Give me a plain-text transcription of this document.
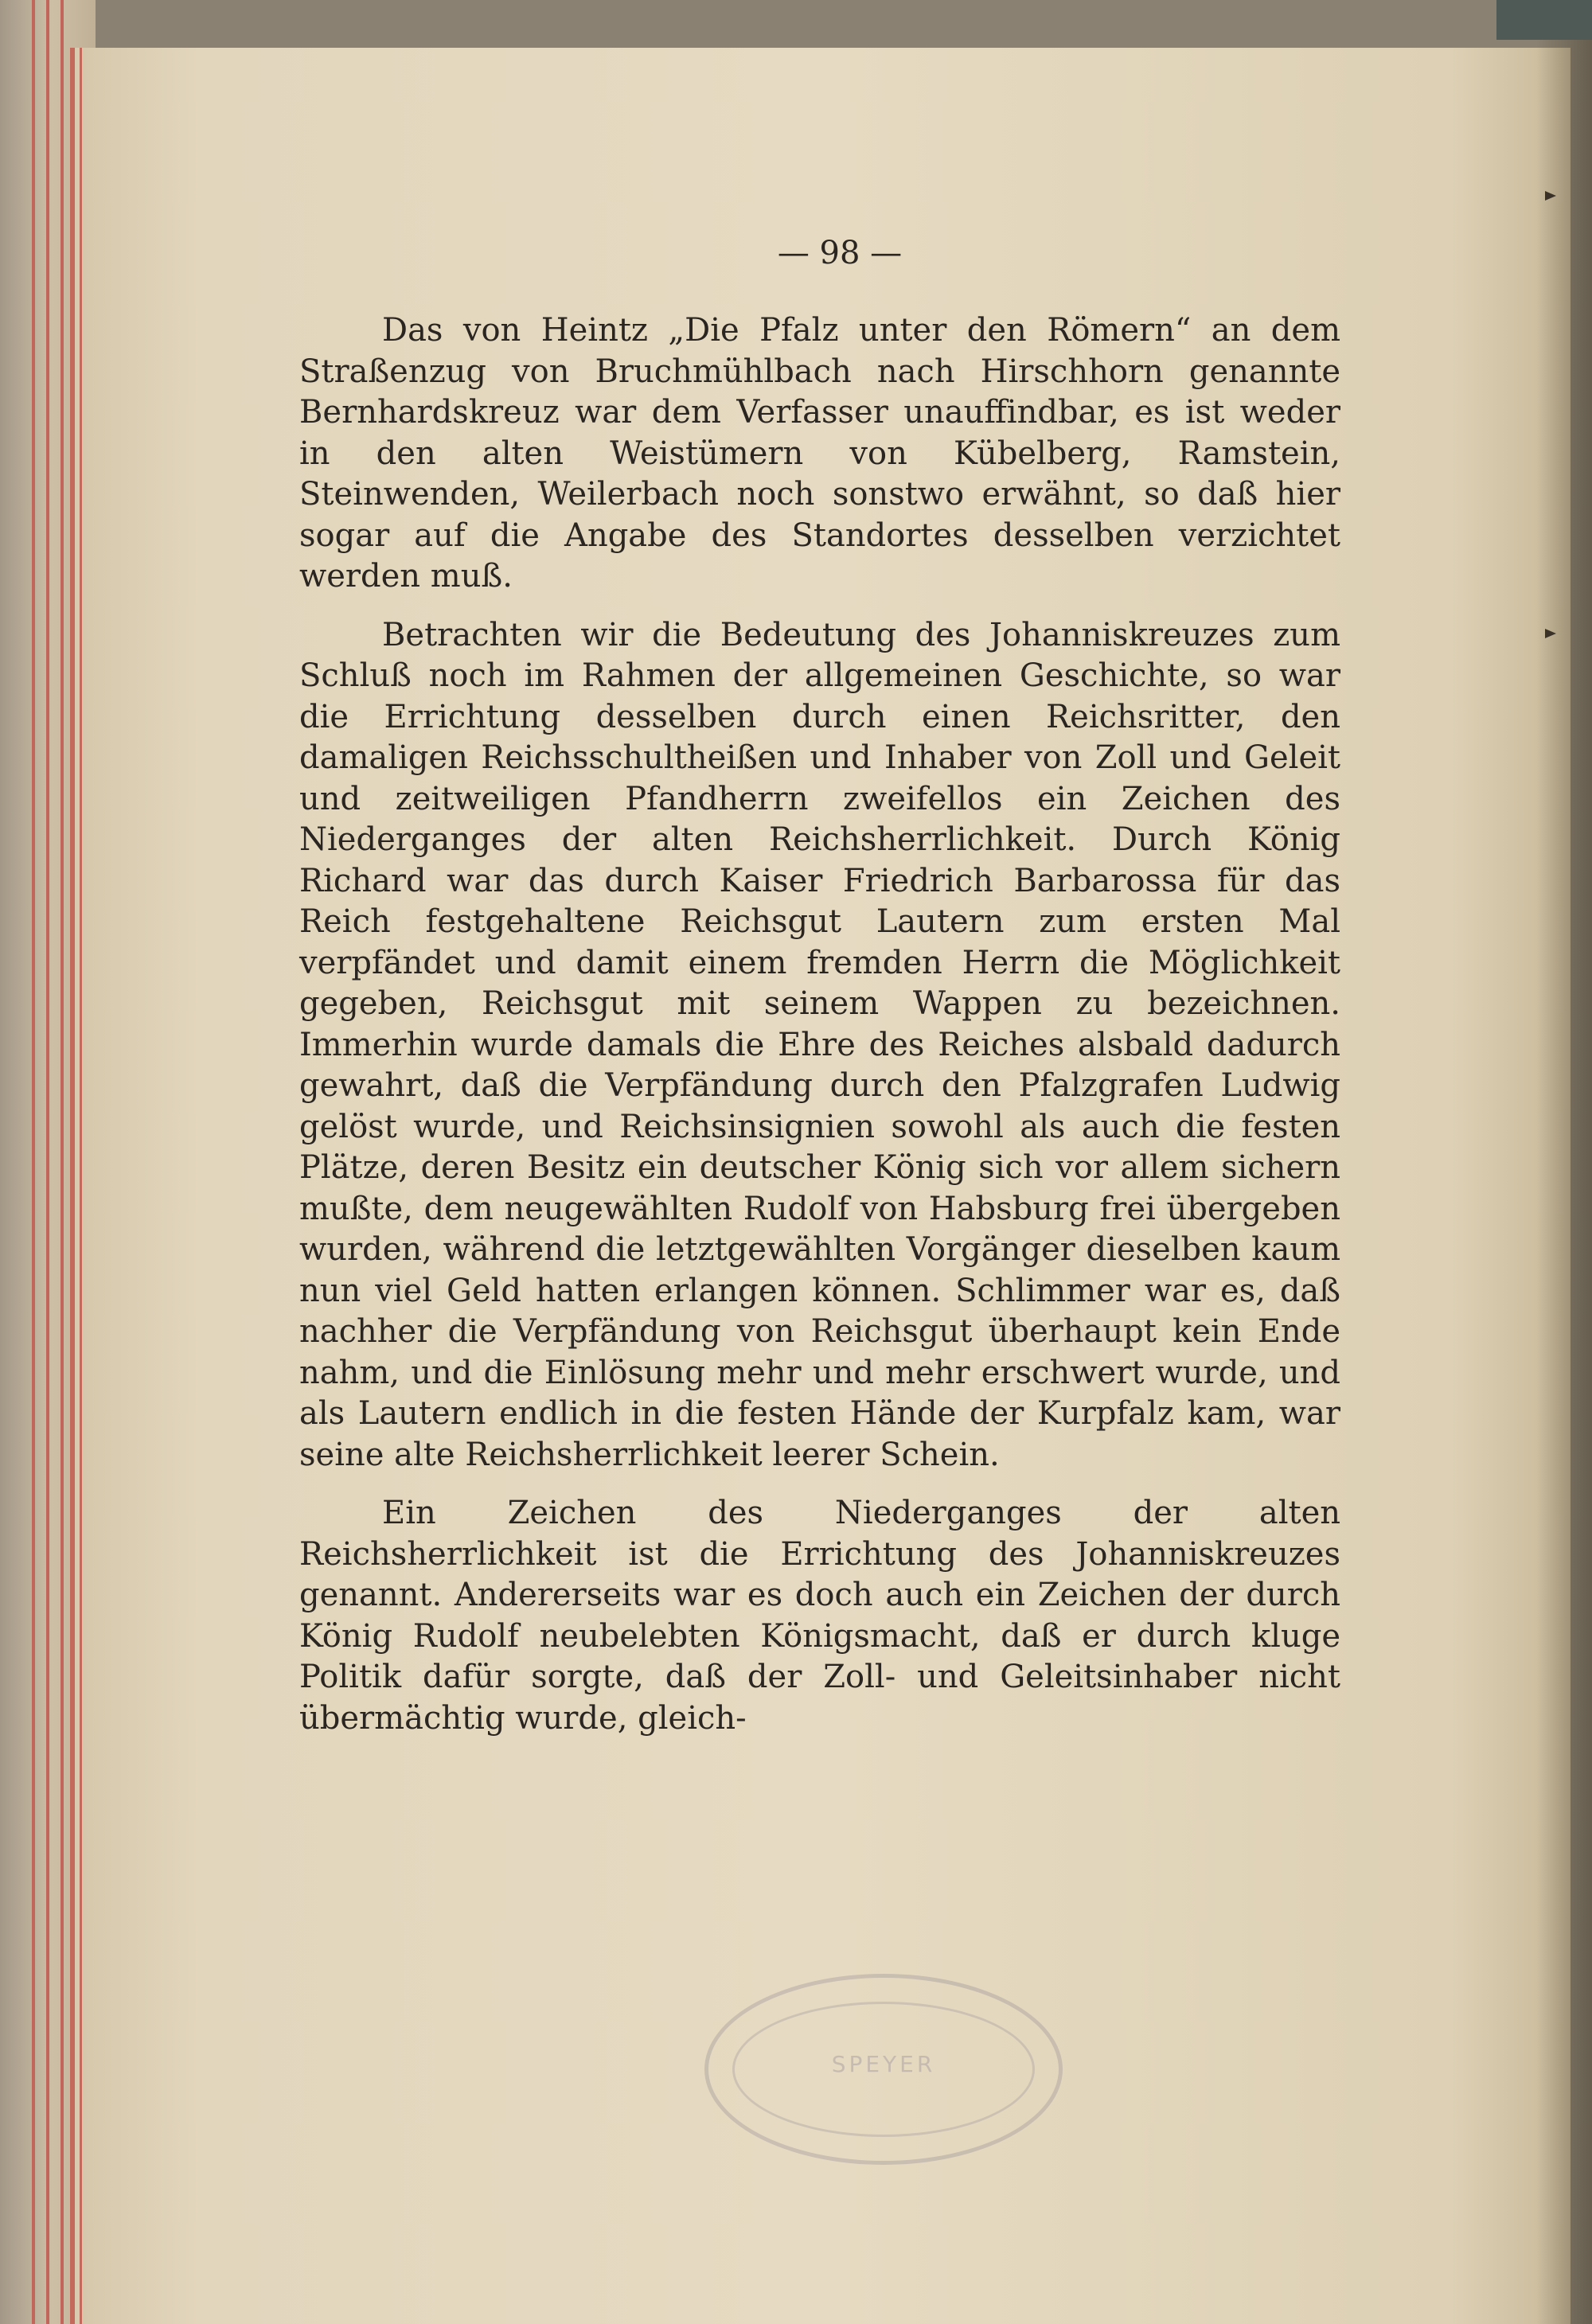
— 98 —

Das von Heintz „Die Pfalz unter den Römern“ an dem Straßenzug von Bruchmühlbach nach Hirschhorn genannte Bernhardskreuz war dem Verfasser unauffindbar, es ist weder in den alten Weistümern von Kübelberg, Ramstein, Steinwenden, Weilerbach noch sonstwo erwähnt, so daß hier sogar auf die Angabe des Standortes desselben verzichtet werden muß.

Betrachten wir die Bedeutung des Johanniskreuzes zum Schluß noch im Rahmen der allgemeinen Geschichte, so war die Errichtung desselben durch einen Reichsritter, den damaligen Reichsschultheißen und Inhaber von Zoll und Geleit und zeitweiligen Pfandherrn zweifellos ein Zeichen des Niederganges der alten Reichsherrlichkeit. Durch König Richard war das durch Kaiser Friedrich Barbarossa für das Reich festgehaltene Reichsgut Lautern zum ersten Mal verpfändet und damit einem fremden Herrn die Möglichkeit gegeben, Reichsgut mit seinem Wappen zu bezeichnen. Immerhin wurde damals die Ehre des Reiches alsbald dadurch gewahrt, daß die Verpfändung durch den Pfalzgrafen Ludwig gelöst wurde, und Reichsinsignien sowohl als auch die festen Plätze, deren Besitz ein deutscher König sich vor allem sichern mußte, dem neugewählten Rudolf von Habsburg frei übergeben wurden, während die letztgewählten Vorgänger dieselben kaum nun viel Geld hatten erlangen können. Schlimmer war es, daß nachher die Verpfändung von Reichsgut überhaupt kein Ende nahm, und die Einlösung mehr und mehr erschwert wurde, und als Lautern endlich in die festen Hände der Kurpfalz kam, war seine alte Reichsherrlichkeit leerer Schein.

Ein Zeichen des Niederganges der alten Reichsherrlichkeit ist die Errichtung des Johanniskreuzes genannt. Andererseits war es doch auch ein Zeichen der durch König Rudolf neubelebten Königsmacht, daß er durch kluge Politik dafür sorgte, daß der Zoll- und Geleitsinhaber nicht übermächtig wurde, gleich-

SPEYER
